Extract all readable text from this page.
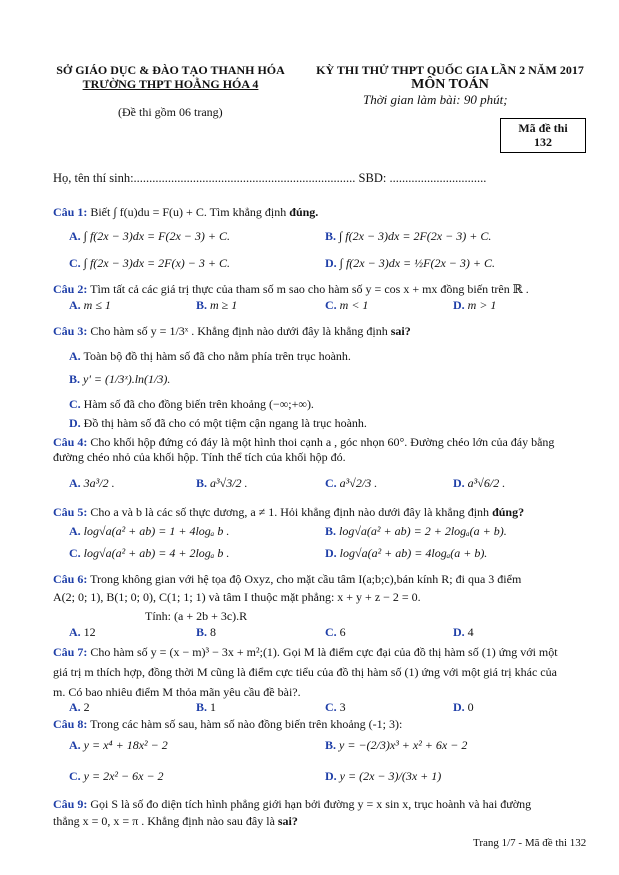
SỞ GIÁO DỤC & ĐÀO TẠO THANH HÓA
TRƯỜNG THPT HOẰNG HÓA 4
(Đề thi gồm 06 trang)
KỲ THI THỬ THPT QUỐC GIA LẦN 2 NĂM 2017
MÔN TOÁN
Thời gian làm bài: 90 phút;
Mã đề thi
132
Họ, tên thí sinh:....................................................................... SBD: ...............................
Câu 1: Biết ∫ f(u)du = F(u) + C. Tìm khẳng định đúng.
A. ∫ f(2x − 3)dx = F(2x − 3) + C.	B. ∫ f(2x − 3)dx = 2F(2x − 3) + C.
C. ∫ f(2x − 3)dx = 2F(x) − 3 + C.	D. ∫ f(2x − 3)dx = ½F(2x − 3) + C.
Câu 2: Tìm tất cả các giá trị thực của tham số m sao cho hàm số y = cos x + mx đồng biến trên ℝ .
A. m ≤ 1	B. m ≥ 1	C. m < 1	D. m > 1
Câu 3: Cho hàm số y = 1/3ˣ . Khẳng định nào dưới đây là khẳng định sai?
A. Toàn bộ đồ thị hàm số đã cho nằm phía trên trục hoành.
B. y' = (1/3ˣ).ln(1/3).
C. Hàm số đã cho đồng biến trên khoảng (−∞;+∞).
D. Đồ thị hàm số đã cho có một tiệm cận ngang là trục hoành.
Câu 4: Cho khối hộp đứng có đáy là một hình thoi cạnh a , góc nhọn 60°. Đường chéo lớn của đáy bằng
đường chéo nhỏ của khối hộp. Tính thể tích của khối hộp đó.
A. 3a³/2 .	B. a³√3/2 .	C. a³√2/3 .	D. a³√6/2 .
Câu 5: Cho a và b là các số thực dương, a ≠ 1. Hỏi khẳng định nào dưới đây là khẳng định đúng?
A. log√a(a² + ab) = 1 + 4logₐ b .	B. log√a(a² + ab) = 2 + 2logₐ(a + b).
C. log√a(a² + ab) = 4 + 2logₐ b .	D. log√a(a² + ab) = 4logₐ(a + b).
Câu 6: Trong không gian với hệ tọa độ Oxyz, cho mặt cầu tâm I(a;b;c),bán kính R; đi qua 3 điểm
A(2; 0; 1), B(1; 0; 0), C(1; 1; 1) và tâm I thuộc mặt phẳng: x + y + z − 2 = 0.
Tính: (a + 2b + 3c).R
A. 12	B. 8	C. 6	D. 4
Câu 7: Cho hàm số y = (x − m)³ − 3x + m²;(1). Gọi M là điểm cực đại của đồ thị hàm số (1) ứng với một
giá trị m thích hợp, đồng thời M cũng là điểm cực tiểu của đồ thị hàm số (1) ứng với một giá trị khác của
m. Có bao nhiêu điểm M thỏa mãn yêu cầu đề bài?.
A. 2	B. 1	C. 3	D. 0
Câu 8: Trong các hàm số sau, hàm số nào đồng biến trên khoảng (-1; 3):
A. y = x⁴ + 18x² − 2	B. y = −(2/3)x³ + x² + 6x − 2
C. y = 2x² − 6x − 2	D. y = (2x − 3)/(3x + 1)
Câu 9: Gọi S là số đo diện tích hình phẳng giới hạn bởi đường y = x sin x, trục hoành và hai đường
thẳng x = 0, x = π . Khẳng định nào sau đây là sai?
Trang 1/7 - Mã đề thi 132
